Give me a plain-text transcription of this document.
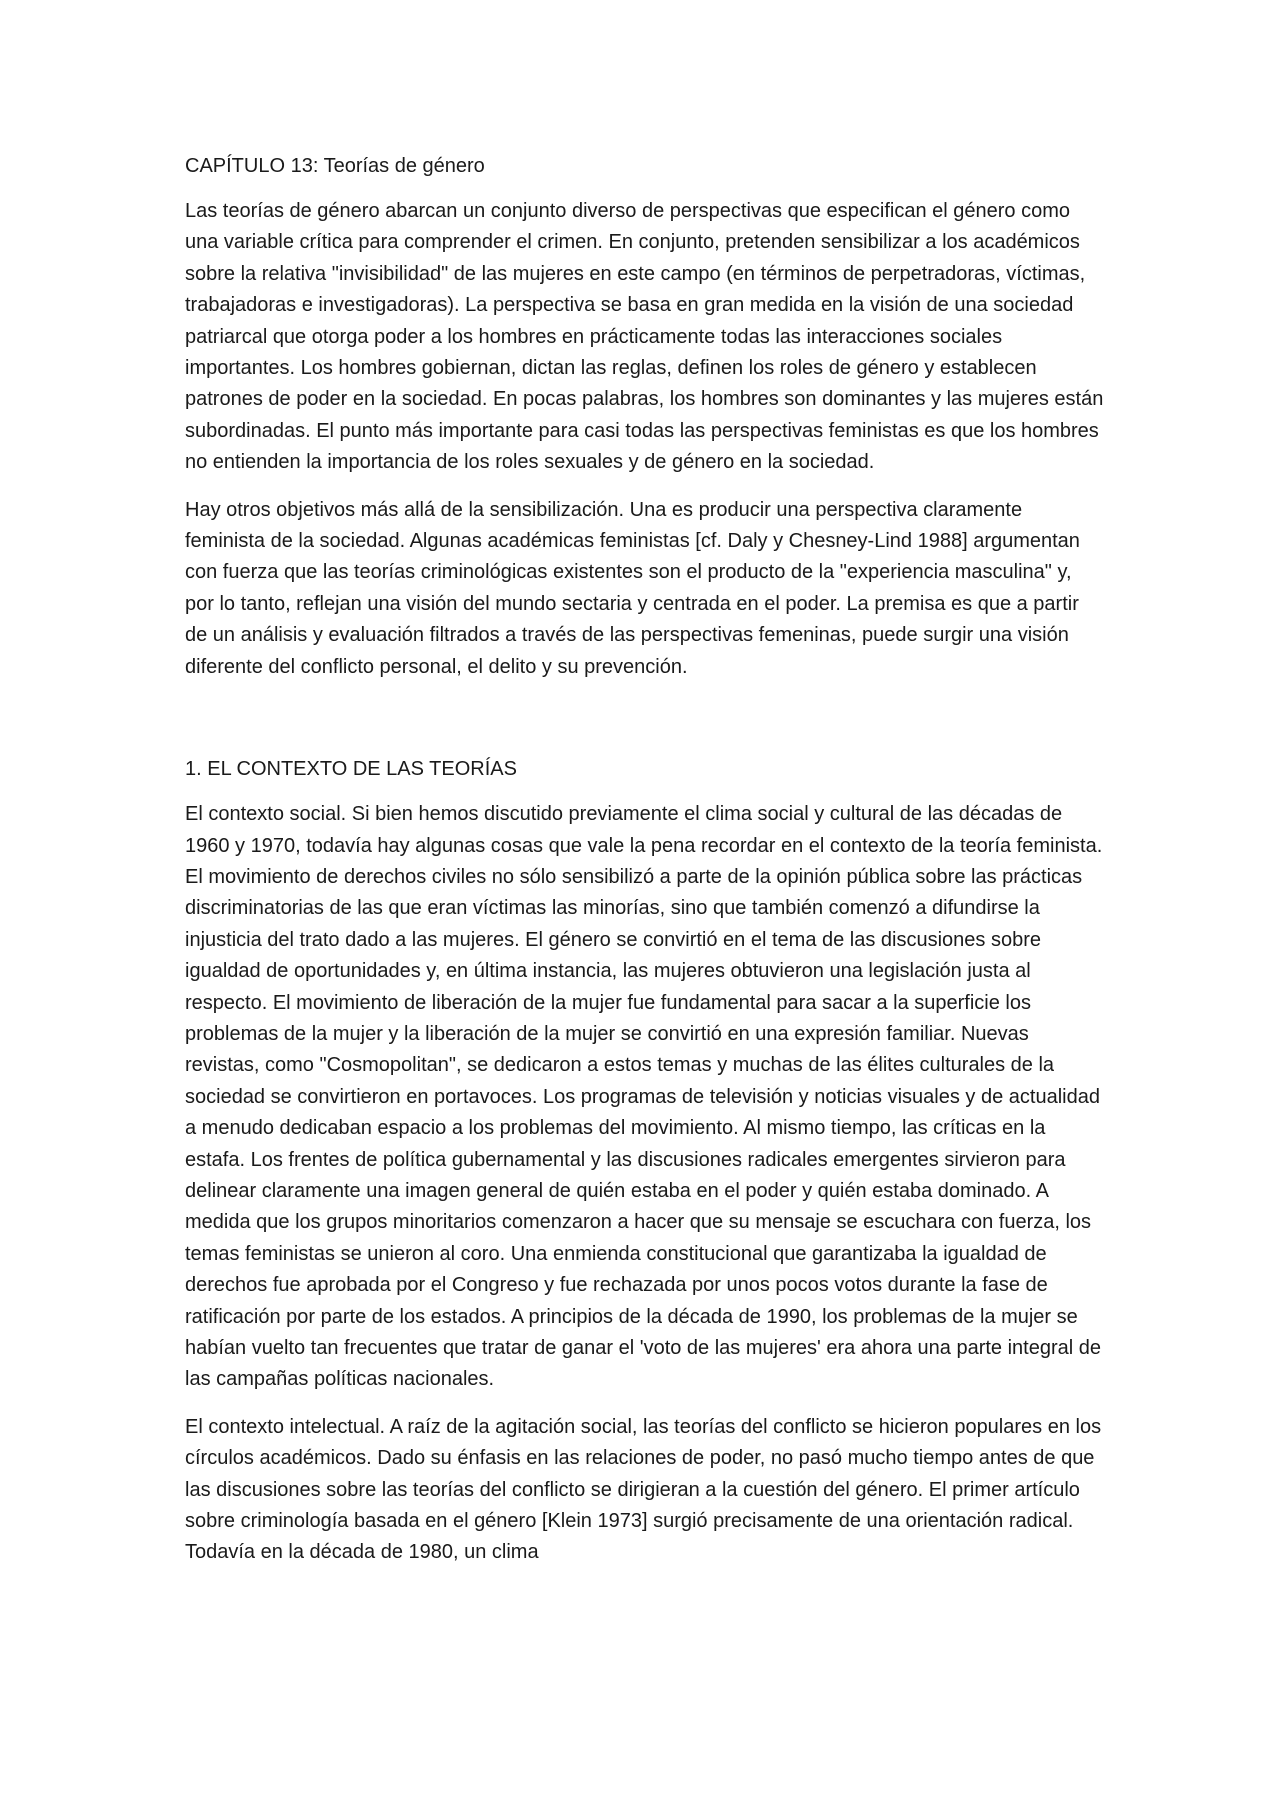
CAPÍTULO 13: Teorías de género

Las teorías de género abarcan un conjunto diverso de perspectivas que especifican el género como una variable crítica para comprender el crimen. En conjunto, pretenden sensibilizar a los académicos sobre la relativa "invisibilidad" de las mujeres en este campo (en términos de perpetradoras, víctimas, trabajadoras e investigadoras). La perspectiva se basa en gran medida en la visión de una sociedad patriarcal que otorga poder a los hombres en prácticamente todas las interacciones sociales importantes. Los hombres gobiernan, dictan las reglas, definen los roles de género y establecen patrones de poder en la sociedad. En pocas palabras, los hombres son dominantes y las mujeres están subordinadas. El punto más importante para casi todas las perspectivas feministas es que los hombres no entienden la importancia de los roles sexuales y de género en la sociedad.

Hay otros objetivos más allá de la sensibilización. Una es producir una perspectiva claramente feminista de la sociedad. Algunas académicas feministas [cf. Daly y Chesney-Lind 1988] argumentan con fuerza que las teorías criminológicas existentes son el producto de la "experiencia masculina" y, por lo tanto, reflejan una visión del mundo sectaria y centrada en el poder. La premisa es que a partir de un análisis y evaluación filtrados a través de las perspectivas femeninas, puede surgir una visión diferente del conflicto personal, el delito y su prevención.

1. EL CONTEXTO DE LAS TEORÍAS

El contexto social. Si bien hemos discutido previamente el clima social y cultural de las décadas de 1960 y 1970, todavía hay algunas cosas que vale la pena recordar en el contexto de la teoría feminista. El movimiento de derechos civiles no sólo sensibilizó a parte de la opinión pública sobre las prácticas discriminatorias de las que eran víctimas las minorías, sino que también comenzó a difundirse la injusticia del trato dado a las mujeres. El género se convirtió en el tema de las discusiones sobre igualdad de oportunidades y, en última instancia, las mujeres obtuvieron una legislación justa al respecto. El movimiento de liberación de la mujer fue fundamental para sacar a la superficie los problemas de la mujer y la liberación de la mujer se convirtió en una expresión familiar. Nuevas revistas, como "Cosmopolitan", se dedicaron a estos temas y muchas de las élites culturales de la sociedad se convirtieron en portavoces. Los programas de televisión y noticias visuales y de actualidad a menudo dedicaban espacio a los problemas del movimiento. Al mismo tiempo, las críticas en la estafa. Los frentes de política gubernamental y las discusiones radicales emergentes sirvieron para delinear claramente una imagen general de quién estaba en el poder y quién estaba dominado. A medida que los grupos minoritarios comenzaron a hacer que su mensaje se escuchara con fuerza, los temas feministas se unieron al coro. Una enmienda constitucional que garantizaba la igualdad de derechos fue aprobada por el Congreso y fue rechazada por unos pocos votos durante la fase de ratificación por parte de los estados. A principios de la década de 1990, los problemas de la mujer se habían vuelto tan frecuentes que tratar de ganar el 'voto de las mujeres' era ahora una parte integral de las campañas políticas nacionales.

El contexto intelectual. A raíz de la agitación social, las teorías del conflicto se hicieron populares en los círculos académicos. Dado su énfasis en las relaciones de poder, no pasó mucho tiempo antes de que las discusiones sobre las teorías del conflicto se dirigieran a la cuestión del género. El primer artículo sobre criminología basada en el género [Klein 1973] surgió precisamente de una orientación radical. Todavía en la década de 1980, un clima
